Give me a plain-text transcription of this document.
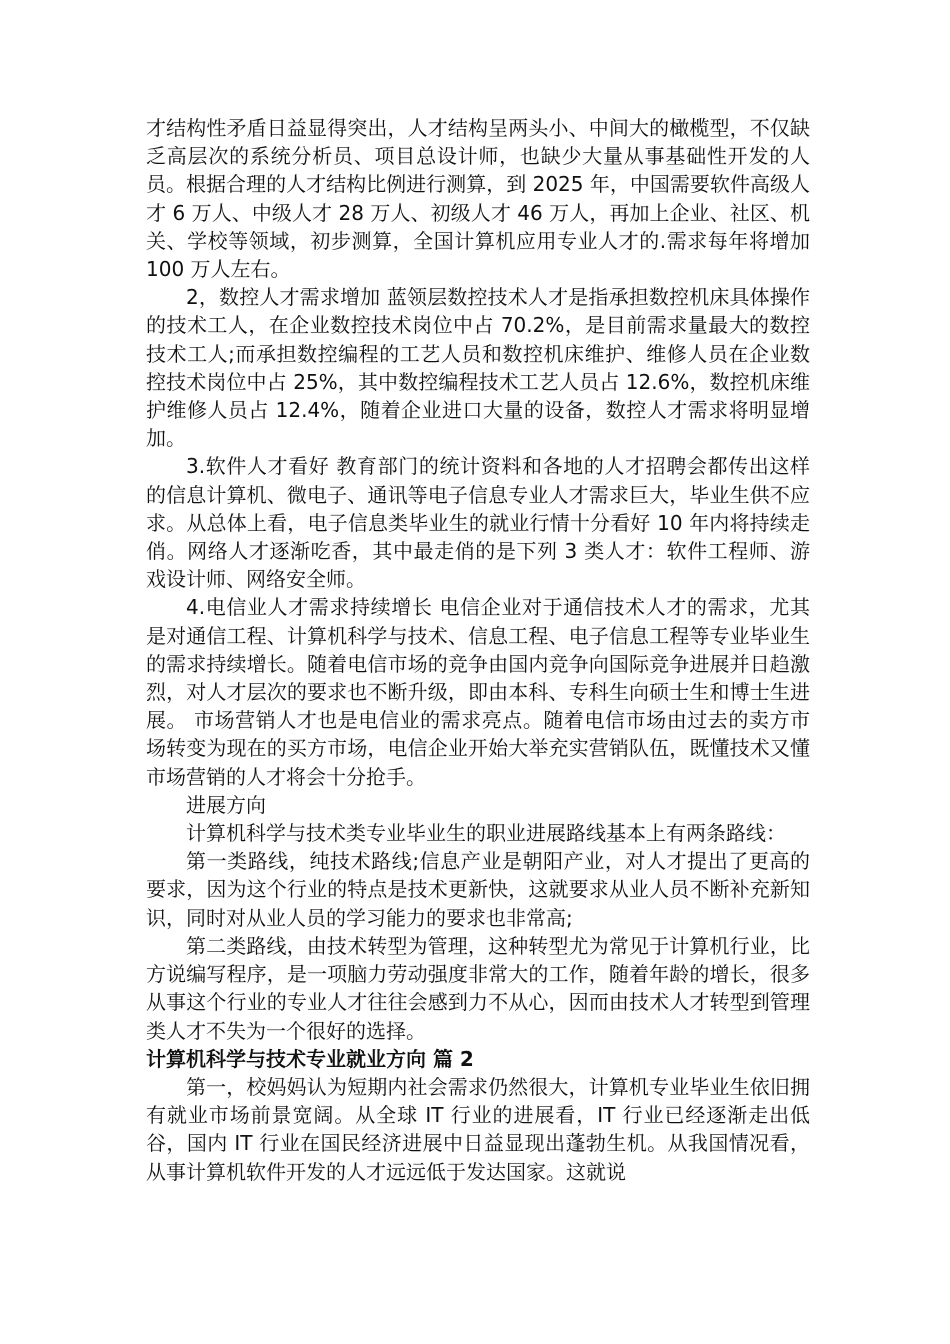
才结构性矛盾日益显得突出，人才结构呈两头小、中间大的橄榄型，不仅缺乏高层次的系统分析员、项目总设计师，也缺少大量从事基础性开发的人员。根据合理的人才结构比例进行测算，到 2025 年，中国需要软件高级人才 6 万人、中级人才 28 万人、初级人才 46 万人，再加上企业、社区、机关、学校等领域，初步测算，全国计算机应用专业人才的.需求每年将增加 100 万人左右。

2，数控人才需求增加 蓝领层数控技术人才是指承担数控机床具体操作的技术工人，在企业数控技术岗位中占 70.2%，是目前需求量最大的数控技术工人;而承担数控编程的工艺人员和数控机床维护、维修人员在企业数控技术岗位中占 25%，其中数控编程技术工艺人员占 12.6%，数控机床维护维修人员占 12.4%，随着企业进口大量的设备，数控人才需求将明显增加。

3.软件人才看好 教育部门的统计资料和各地的人才招聘会都传出这样的信息计算机、微电子、通讯等电子信息专业人才需求巨大，毕业生供不应求。从总体上看，电子信息类毕业生的就业行情十分看好 10 年内将持续走俏。网络人才逐渐吃香，其中最走俏的是下列 3 类人才：软件工程师、游戏设计师、网络安全师。

4.电信业人才需求持续增长 电信企业对于通信技术人才的需求，尤其是对通信工程、计算机科学与技术、信息工程、电子信息工程等专业毕业生的需求持续增长。随着电信市场的竞争由国内竞争向国际竞争进展并日趋激烈，对人才层次的要求也不断升级，即由本科、专科生向硕士生和博士生进展。 市场营销人才也是电信业的需求亮点。随着电信市场由过去的卖方市场转变为现在的买方市场，电信企业开始大举充实营销队伍，既懂技术又懂市场营销的人才将会十分抢手。

进展方向

计算机科学与技术类专业毕业生的职业进展路线基本上有两条路线：

第一类路线，纯技术路线;信息产业是朝阳产业，对人才提出了更高的要求，因为这个行业的特点是技术更新快，这就要求从业人员不断补充新知识，同时对从业人员的学习能力的要求也非常高;

第二类路线，由技术转型为管理，这种转型尤为常见于计算机行业，比方说编写程序，是一项脑力劳动强度非常大的工作，随着年龄的增长，很多从事这个行业的专业人才往往会感到力不从心，因而由技术人才转型到管理类人才不失为一个很好的选择。

计算机科学与技术专业就业方向 篇 2

第一，校妈妈认为短期内社会需求仍然很大，计算机专业毕业生依旧拥有就业市场前景宽阔。从全球 IT 行业的进展看，IT 行业已经逐渐走出低谷，国内 IT 行业在国民经济进展中日益显现出蓬勃生机。从我国情况看，从事计算机软件开发的人才远远低于发达国家。这就说
